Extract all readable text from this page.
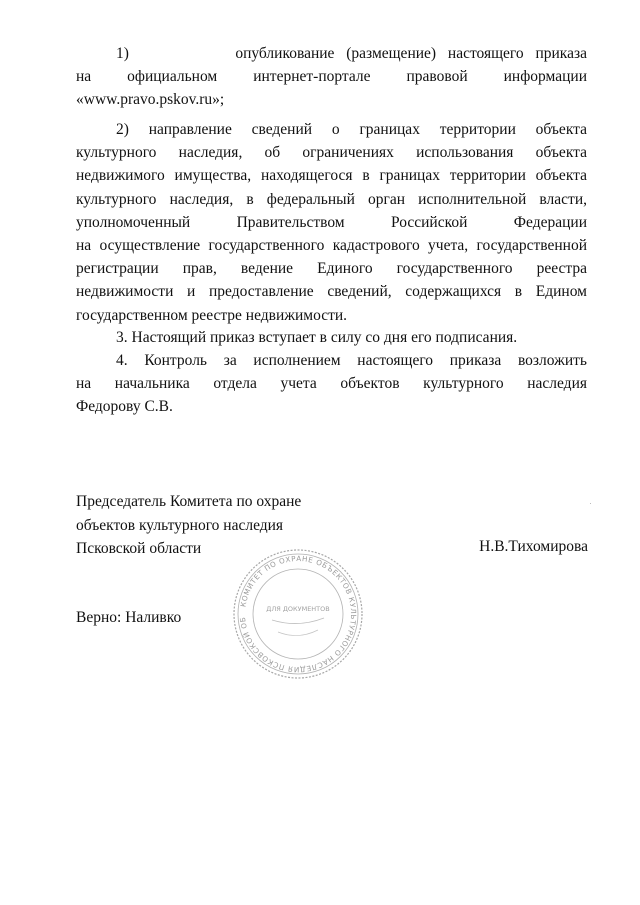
1)         опубликование (размещение) настоящего приказа
на официальном интернет-портале правовой информации
«www.pravo.pskov.ru»;
2) направление сведений о границах территории объекта
культурного наследия, об ограничениях использования объекта
недвижимого имущества, находящегося в границах территории объекта
культурного наследия, в федеральный орган исполнительной власти,
уполномоченный Правительством Российской Федерации
на осуществление государственного кадастрового учета, государственной
регистрации прав, ведение Единого государственного реестра
недвижимости и предоставление сведений, содержащихся в Едином
государственном реестре недвижимости.
3. Настоящий приказ вступает в силу со дня его подписания.
4. Контроль за исполнением настоящего приказа возложить
на начальника отдела учета объектов культурного наследия
Федорову С.В.
Председатель Комитета по охране
объектов культурного наследия
Псковской области	Н.В.Тихомирова
Верно: Наливко
КОМИТЕТ ПО ОХРАНЕ ОБЪЕКТОВ КУЛЬТУРНОГО НАСЛЕДИЯ ПСКОВСКОЙ ОБ
ДЛЯ ДОКУМЕНТОВ
